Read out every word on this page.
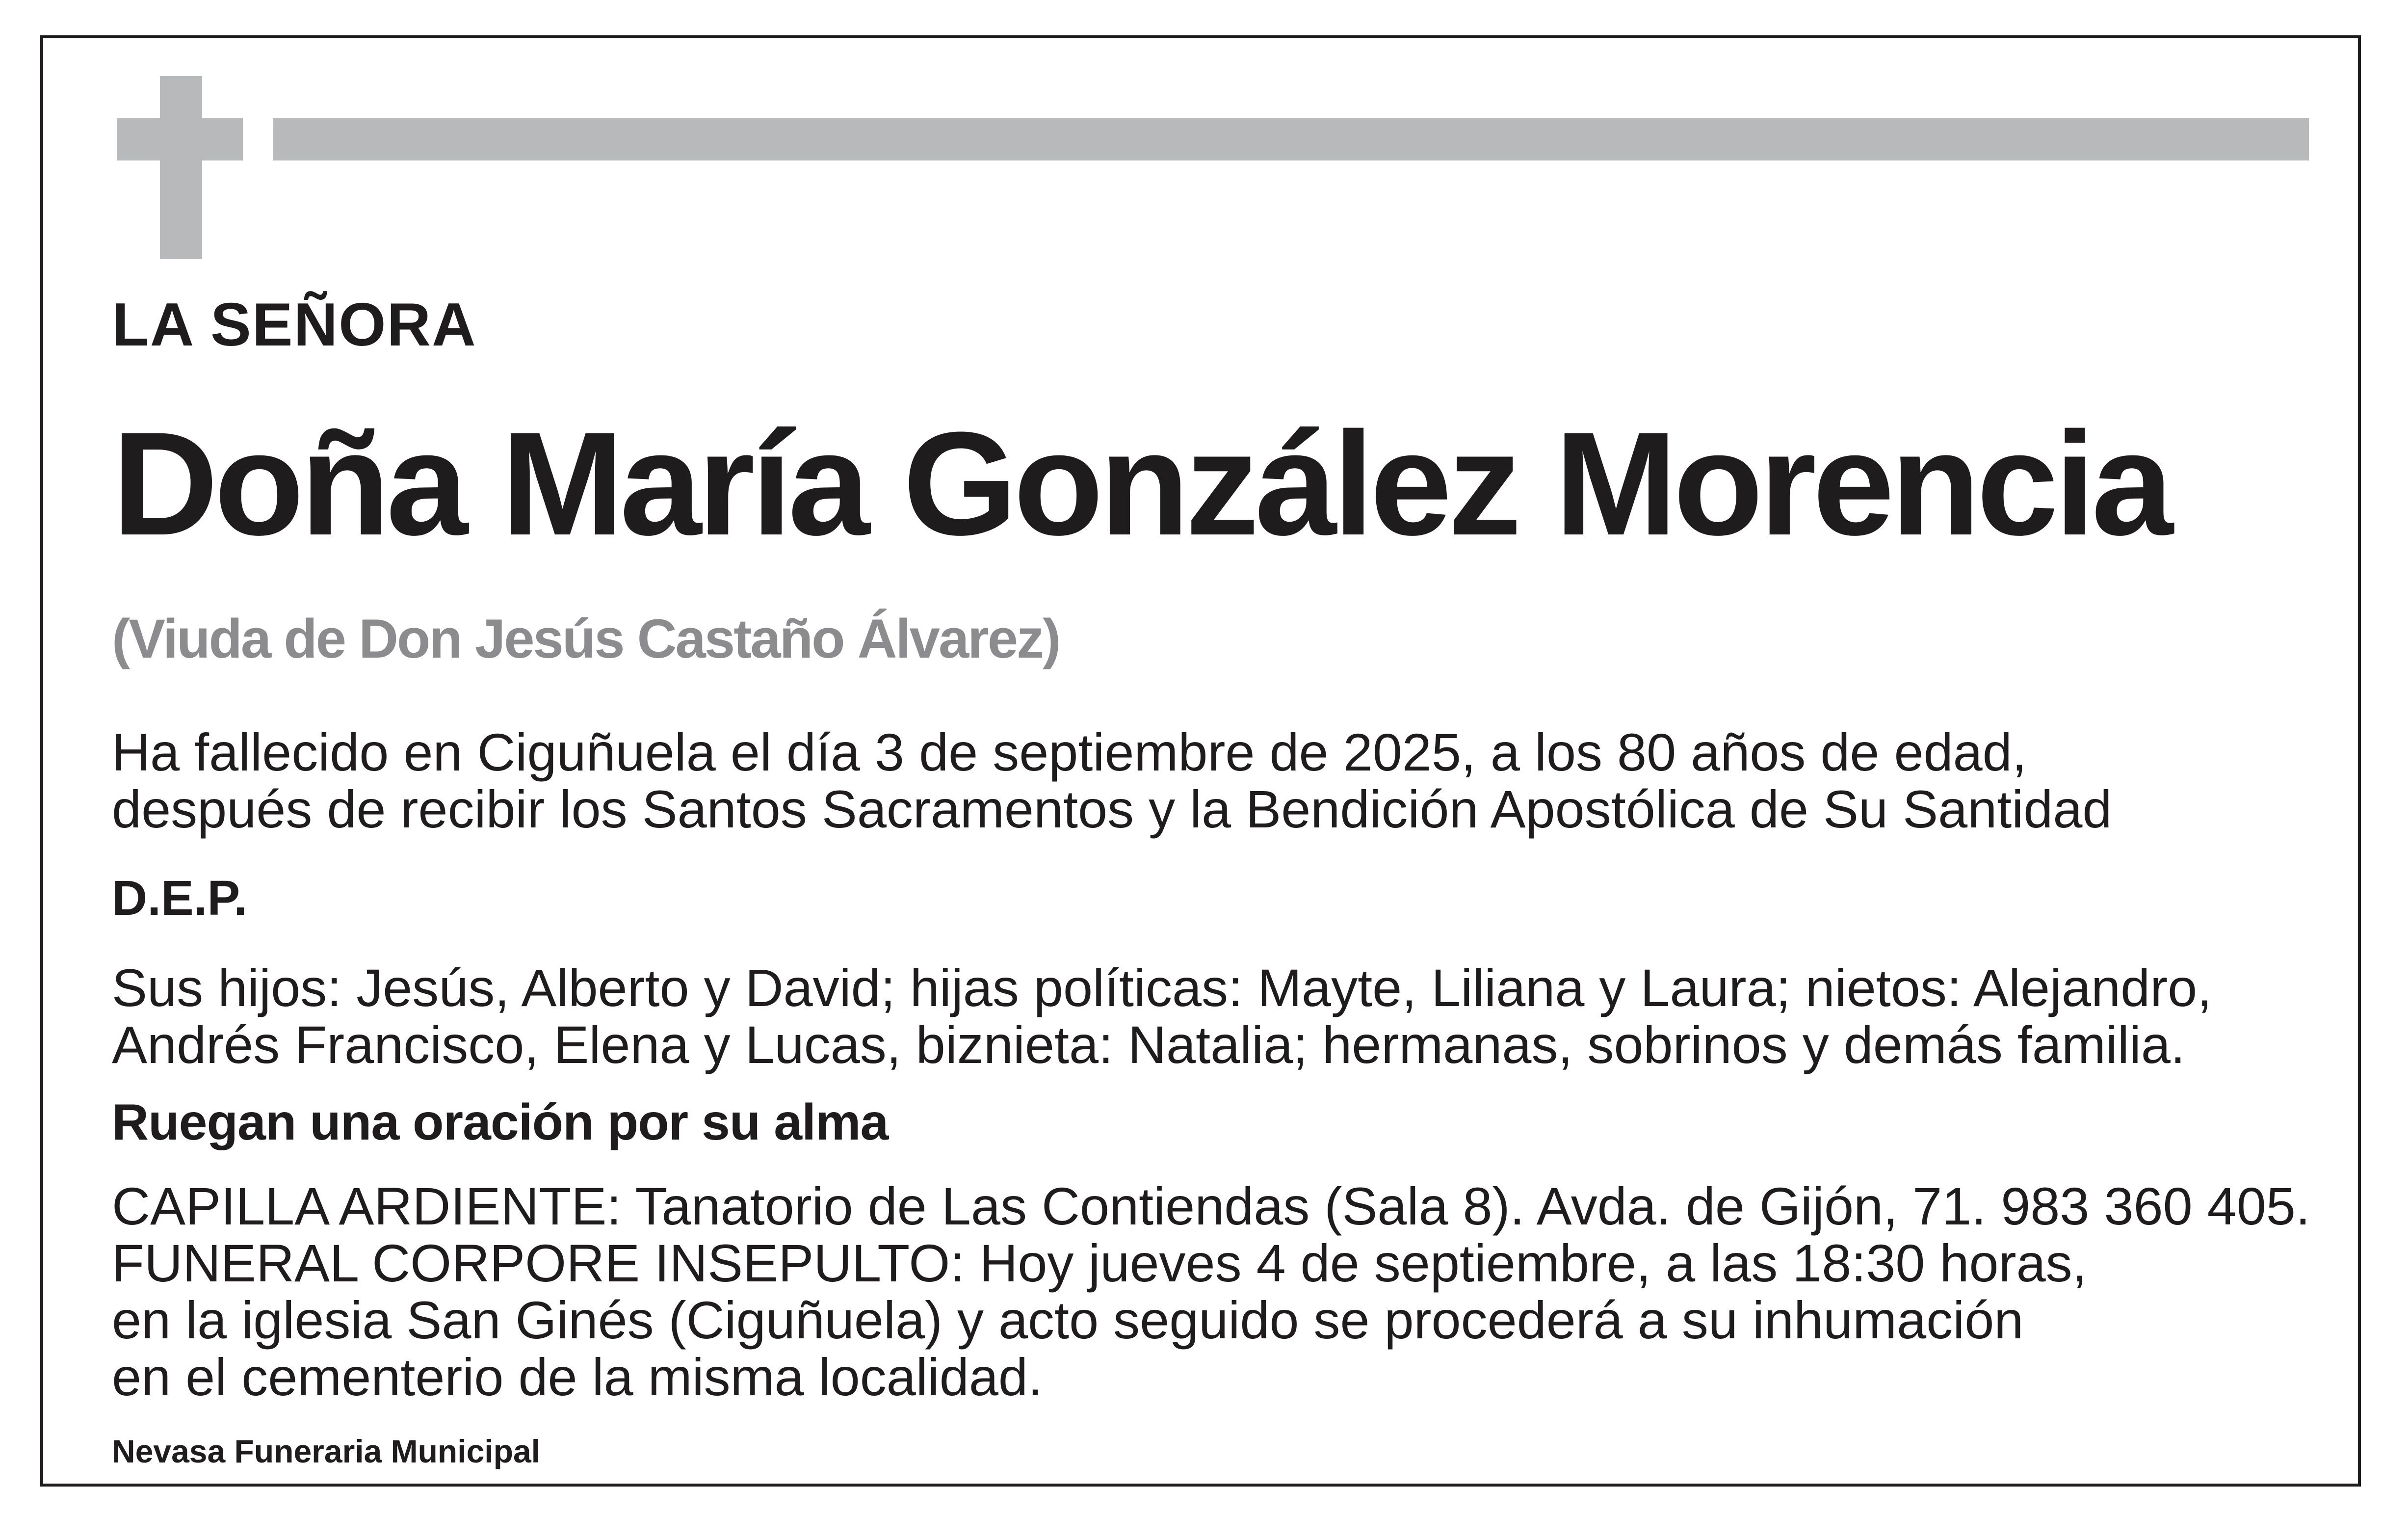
LA SEÑORA

Doña María González Morencia

(Viuda de Don Jesús Castaño Álvarez)

Ha fallecido en Ciguñuela el día 3 de septiembre de 2025, a los 80 años de edad,
después de recibir los Santos Sacramentos y la Bendición Apostólica de Su Santidad

D.E.P.

Sus hijos: Jesús, Alberto y David; hijas políticas: Mayte, Liliana y Laura; nietos: Alejandro,
Andrés Francisco, Elena y Lucas, biznieta: Natalia; hermanas, sobrinos y demás familia.

Ruegan una oración por su alma

CAPILLA ARDIENTE: Tanatorio de Las Contiendas (Sala 8). Avda. de Gijón, 71. 983 360 405.
FUNERAL CORPORE INSEPULTO: Hoy jueves 4 de septiembre, a las 18:30 horas,
en la iglesia San Ginés (Ciguñuela) y acto seguido se procederá a su inhumación
en el cementerio de la misma localidad.

Nevasa Funeraria Municipal
